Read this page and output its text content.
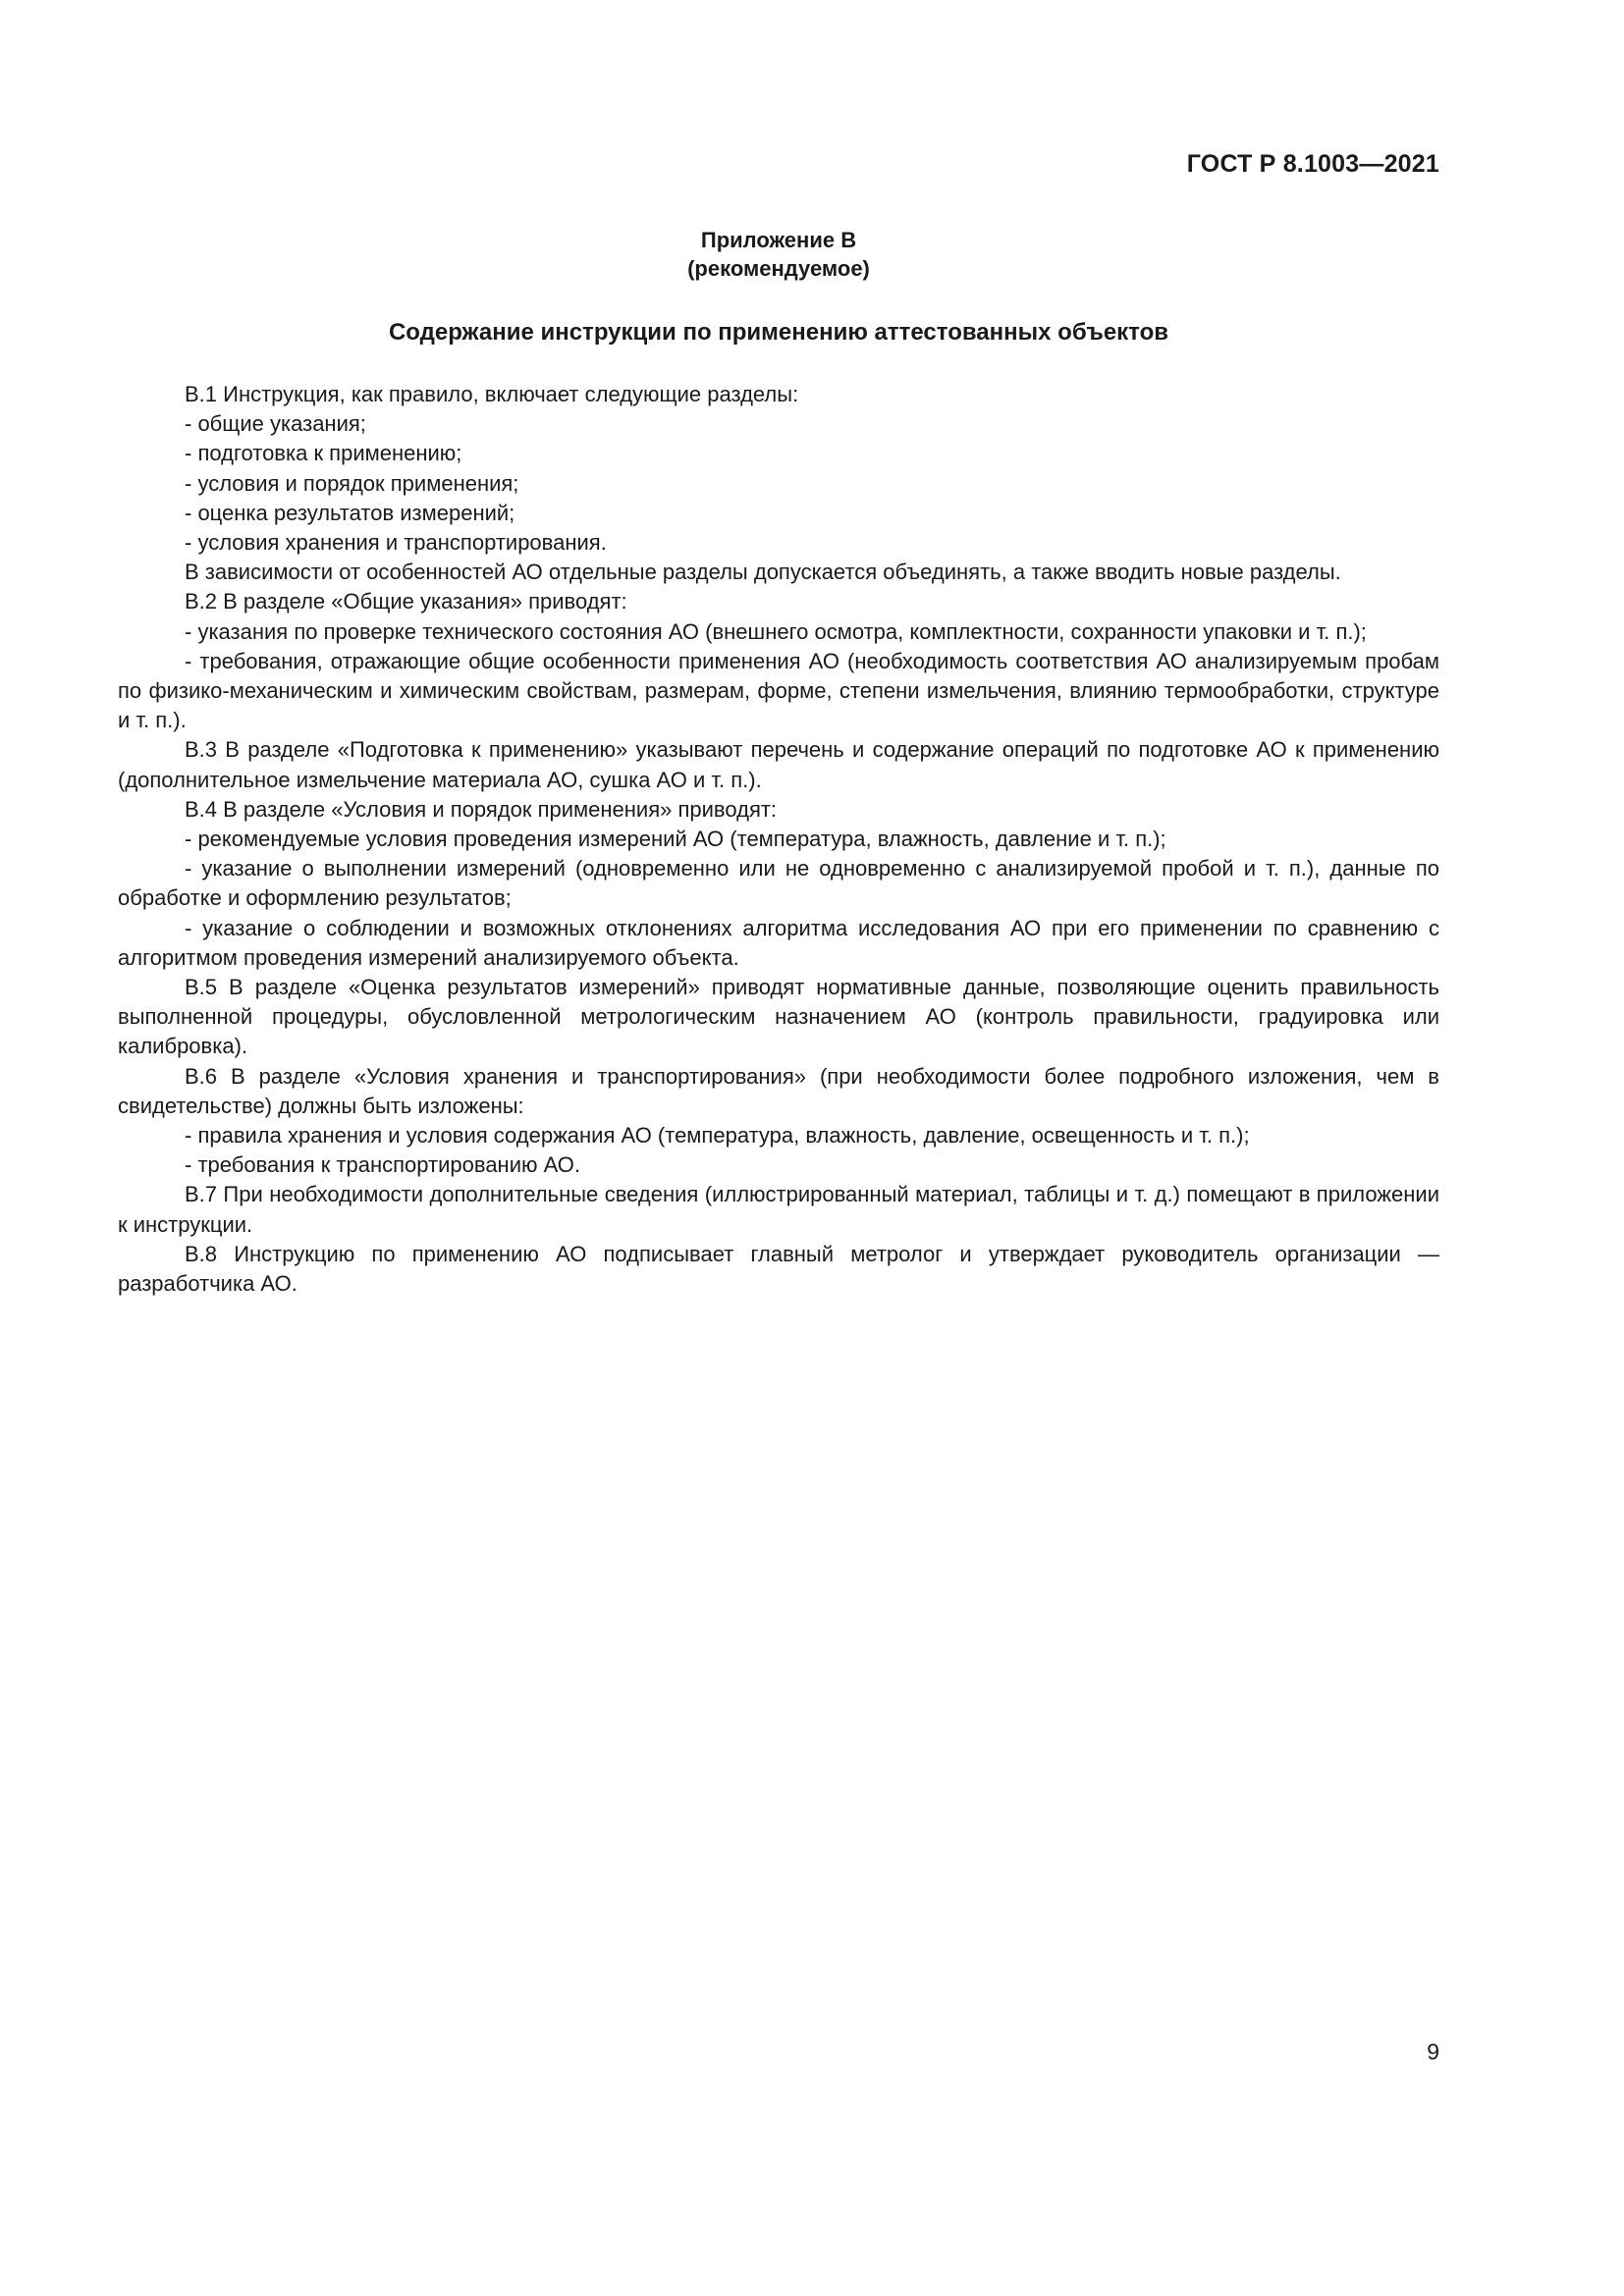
ГОСТ Р 8.1003—2021
Приложение В
(рекомендуемое)
Содержание инструкции по применению аттестованных объектов

В.1 Инструкция, как правило, включает следующие разделы:

- общие указания;

- подготовка к применению;

- условия и порядок применения;

- оценка результатов измерений;

- условия хранения и транспортирования.

В зависимости от особенностей АО отдельные разделы допускается объединять, а также вводить новые разделы.

В.2 В разделе «Общие указания» приводят:

- указания по проверке технического состояния АО (внешнего осмотра, комплектности, сохранности упаковки и т. п.);

- требования, отражающие общие особенности применения АО (необходимость соответствия АО анализируемым пробам по физико-механическим и химическим свойствам, размерам, форме, степени измельчения, влиянию термообработки, структуре и т. п.).

В.3 В разделе «Подготовка к применению» указывают перечень и содержание операций по подготовке АО к применению (дополнительное измельчение материала АО, сушка АО и т. п.).

В.4 В разделе «Условия и порядок применения» приводят:

- рекомендуемые условия проведения измерений АО (температура, влажность, давление и т. п.);

- указание о выполнении измерений (одновременно или не одновременно с анализируемой пробой и т. п.), данные по обработке и оформлению результатов;

- указание о соблюдении и возможных отклонениях алгоритма исследования АО при его применении по сравнению с алгоритмом проведения измерений анализируемого объекта.

В.5 В разделе «Оценка результатов измерений» приводят нормативные данные, позволяющие оценить правильность выполненной процедуры, обусловленной метрологическим назначением АО (контроль правильности, градуировка или калибровка).

В.6 В разделе «Условия хранения и транспортирования» (при необходимости более подробного изложения, чем в свидетельстве) должны быть изложены:

- правила хранения и условия содержания АО (температура, влажность, давление, освещенность и т. п.);

- требования к транспортированию АО.

В.7 При необходимости дополнительные сведения (иллюстрированный материал, таблицы и т. д.) помещают в приложении к инструкции.

В.8 Инструкцию по применению АО подписывает главный метролог и утверждает руководитель организации — разработчика АО.

9
